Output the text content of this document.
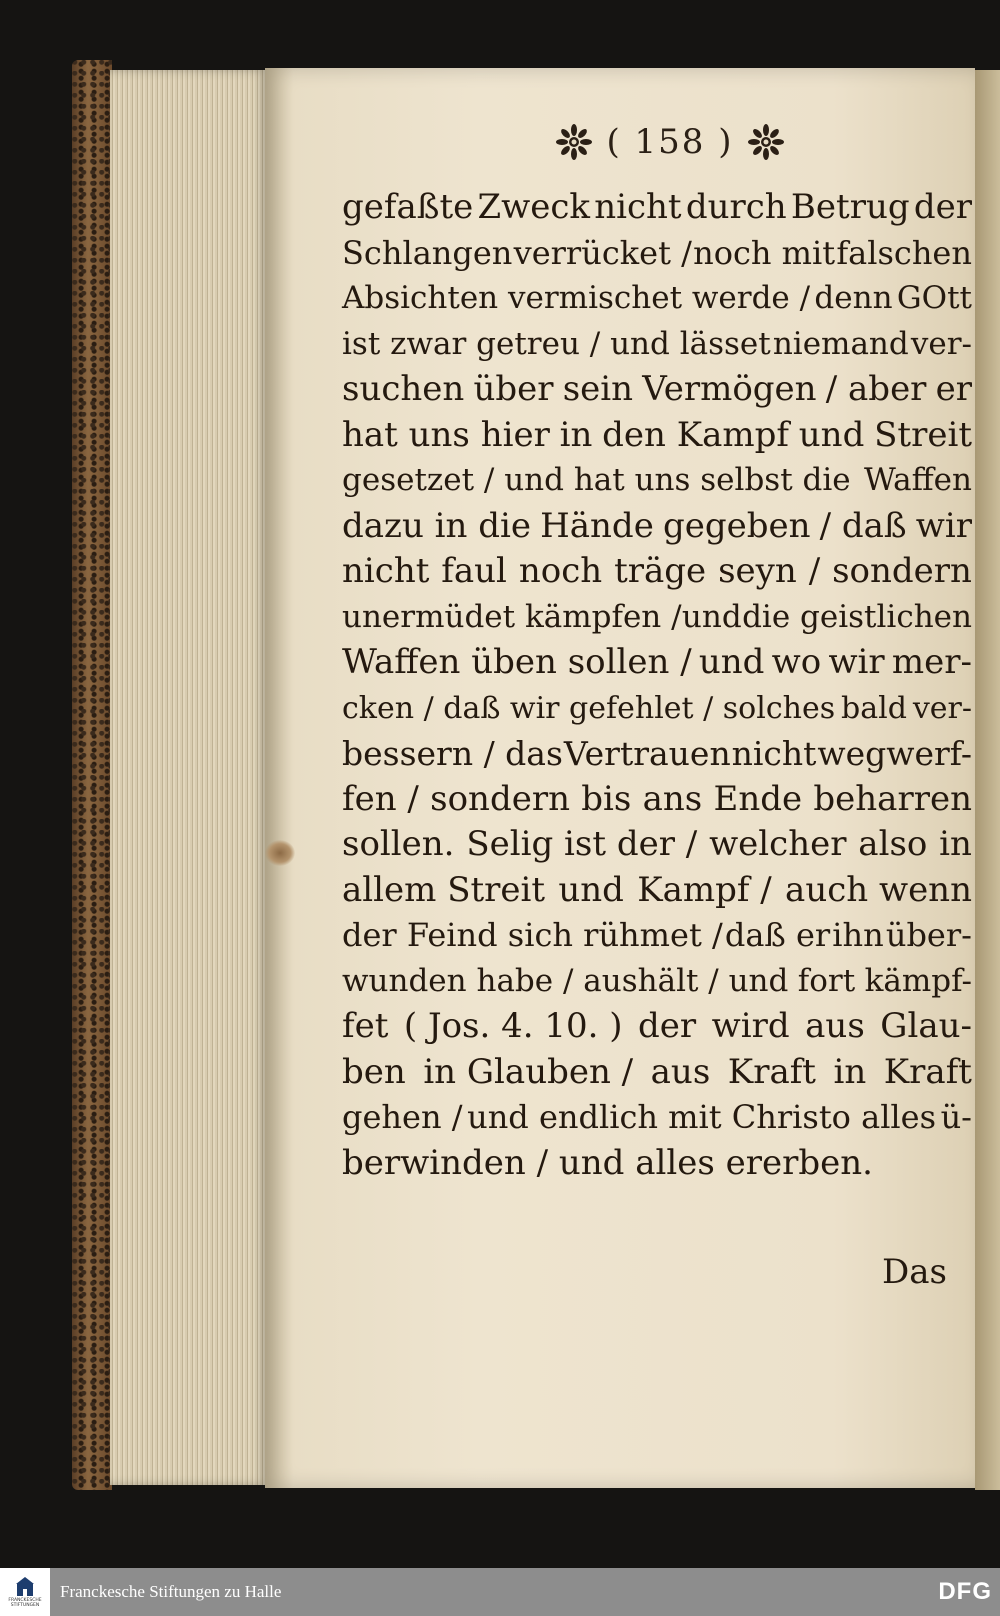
( 158 )
gefaßte Zweck nicht durch Betrug der
Schlangen verrücket / noch mit falschen
Absichten vermischet werde / denn GOtt
ist zwar getreu / und lässet niemand ver-
suchen über sein Vermögen / aber er
hat uns hier in den Kampf und Streit
gesetzet / und hat uns selbst die Waffen
dazu in die Hände gegeben / daß wir
nicht faul noch träge seyn / sondern
unermüdet kämpfen / und die geistlichen
Waffen üben sollen / und wo wir mer-
cken / daß wir gefehlet / solches bald ver-
bessern / das Vertrauen nicht wegwerf-
fen / sondern bis ans Ende beharren
sollen. Selig ist der / welcher also in
allem Streit und Kampf / auch wenn
der Feind sich rühmet / daß er ihn über-
wunden habe / aushält / und fort kämpf-
fet ( Jos. 4. 10. ) der wird aus Glau-
ben in Glauben / aus Kraft in Kraft
gehen / und endlich mit Christo alles ü-
berwinden / und alles ererben.
Das
FRANCKESCHE STIFTUNGEN
Franckesche Stiftungen zu Halle	DFG
